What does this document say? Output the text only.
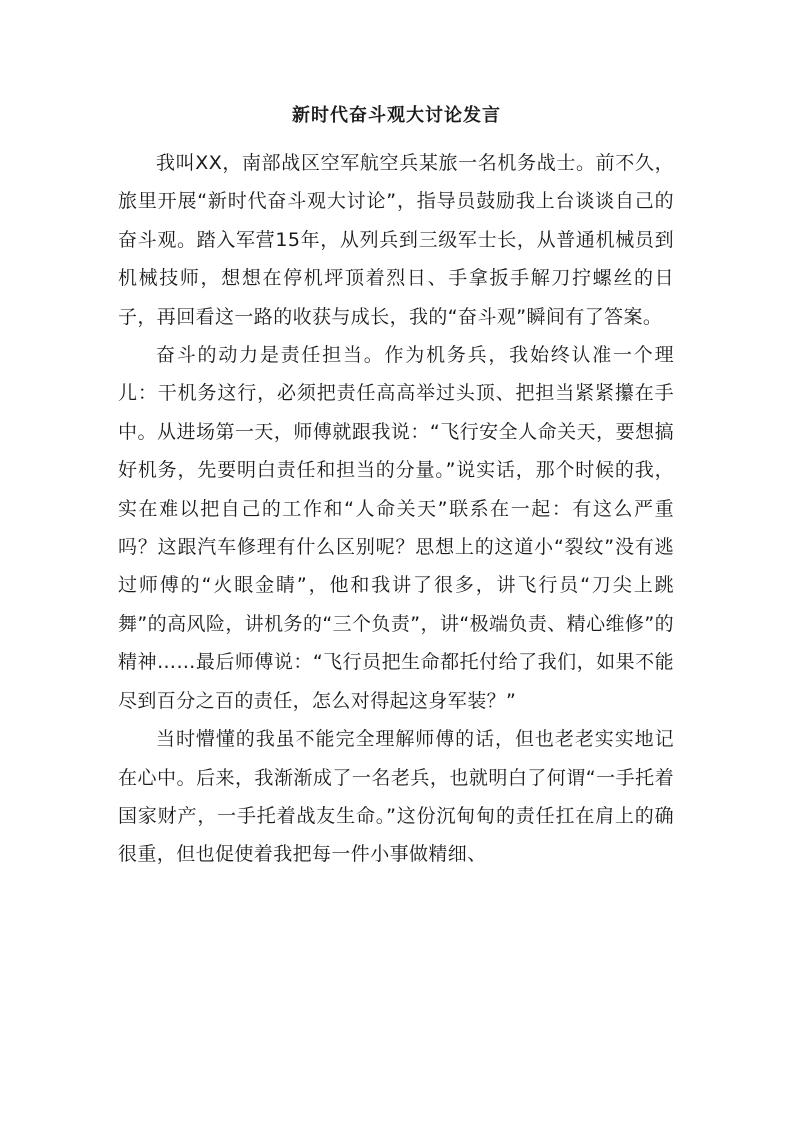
新时代奋斗观大讨论发言

我叫XX，南部战区空军航空兵某旅一名机务战士。前不久，旅里开展“新时代奋斗观大讨论”，指导员鼓励我上台谈谈自己的奋斗观。踏入军营15年，从列兵到三级军士长，从普通机械员到机械技师，想想在停机坪顶着烈日、手拿扳手解刀拧螺丝的日子，再回看这一路的收获与成长，我的“奋斗观”瞬间有了答案。

奋斗的动力是责任担当。作为机务兵，我始终认准一个理儿：干机务这行，必须把责任高高举过头顶、把担当紧紧攥在手中。从进场第一天，师傅就跟我说：“飞行安全人命关天，要想搞好机务，先要明白责任和担当的分量。”说实话，那个时候的我，实在难以把自己的工作和“人命关天”联系在一起：有这么严重吗？这跟汽车修理有什么区别呢？思想上的这道小“裂纹”没有逃过师傅的“火眼金睛”，他和我讲了很多，讲飞行员“刀尖上跳舞”的高风险，讲机务的“三个负责”，讲“极端负责、精心维修”的精神……最后师傅说：“飞行员把生命都托付给了我们，如果不能尽到百分之百的责任，怎么对得起这身军装？”

当时懵懂的我虽不能完全理解师傅的话，但也老老实实地记在心中。后来，我渐渐成了一名老兵，也就明白了何谓“一手托着国家财产，一手托着战友生命。”这份沉甸甸的责任扛在肩上的确很重，但也促使着我把每一件小事做精细、
